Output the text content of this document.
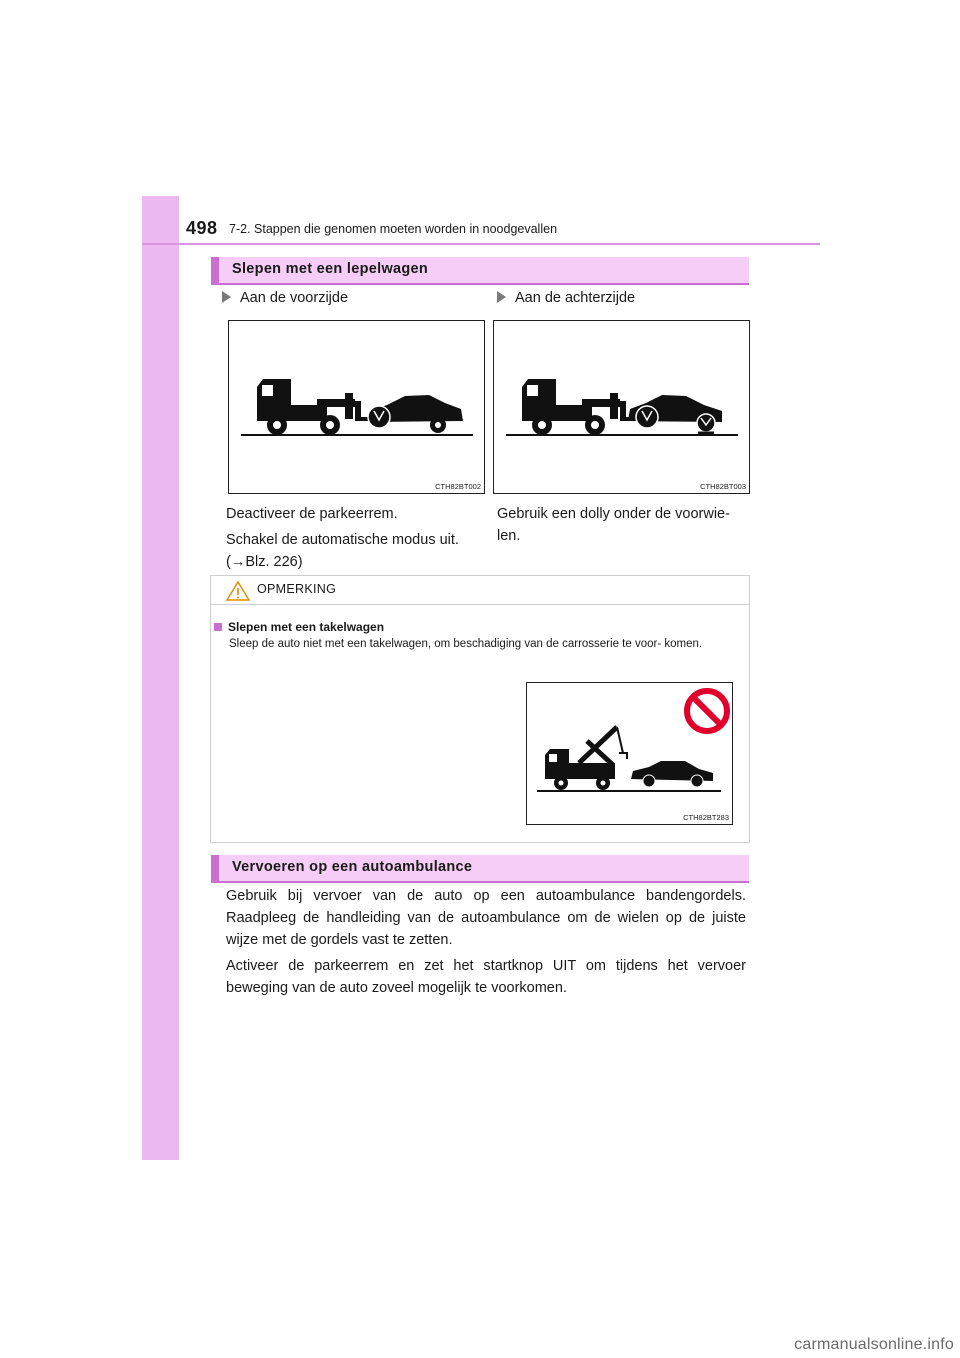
498 7-2. Stappen die genomen moeten worden in noodgevallen
Slepen met een lepelwagen
Aan de voorzijde	Aan de achterzijde
CTH82BT002	CTH82BT003

Deactiveer de parkeerrem.

Schakel de automatische modus uit.

(→Blz. 226)

Gebruik een dolly onder de voorwie-

len.

OPMERKING
Slepen met een takelwagen
Sleep de auto niet met een takelwagen, om beschadiging van de carrosserie te voor- komen.
CTH82BT283
Vervoeren op een autoambulance

Gebruik bij vervoer van de auto op een autoambulance bandengordels. Raadpleeg de handleiding van de autoambulance om de wielen op de juiste wijze met de gordels vast te zetten.

Activeer de parkeerrem en zet het startknop UIT om tijdens het vervoer beweging van de auto zoveel mogelijk te voorkomen.

carmanualsonline.info
